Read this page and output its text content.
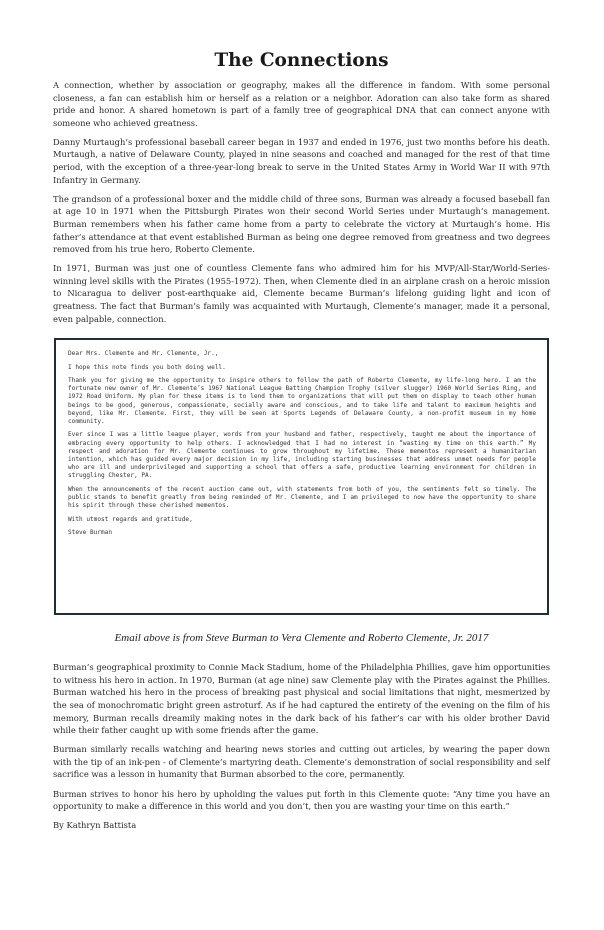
The Connections

A connection, whether by association or geography, makes all the difference in fandom. With some personal closeness, a fan can establish him or herself as a relation or a neighbor. Adoration can also take form as shared pride and honor. A shared hometown is part of a family tree of geographical DNA that can connect anyone with someone who achieved greatness.

Danny Murtaugh’s professional baseball career began in 1937 and ended in 1976, just two months before his death. Murtaugh, a native of Delaware County, played in nine seasons and coached and managed for the rest of that time period, with the exception of a three-year-long break to serve in the United States Army in World War II with 97th Infantry in Germany.

The grandson of a professional boxer and the middle child of three sons, Burman was already a focused baseball fan at age 10 in 1971 when the Pittsburgh Pirates won their second World Series under Murtaugh’s management. Burman remembers when his father came home from a party to celebrate the victory at Murtaugh’s home. His father’s attendance at that event established Burman as being one degree removed from greatness and two degrees removed from his true hero, Roberto Clemente.

In 1971, Burman was just one of countless Clemente fans who admired him for his MVP/All-Star/World-Series-winning level skills with the Pirates (1955-1972). Then, when Clemente died in an airplane crash on a heroic mission to Nicaragua to deliver post-earthquake aid, Clemente became Burman’s lifelong guiding light and icon of greatness. The fact that Burman’s family was acquainted with Murtaugh, Clemente’s manager, made it a personal, even palpable, connection.

Dear Mrs. Clemente and Mr. Clemente, Jr.,

I hope this note finds you both doing well.

Thank you for giving me the opportunity to inspire others to follow the path of Roberto Clemente, my life-long hero. I am the fortunate new owner of Mr. Clemente’s 1967 National League Batting Champion Trophy (silver slugger) 1960 World Series Ring, and 1972 Road Uniform. My plan for these items is to lend them to organizations that will put them on display to teach other human beings to be good, generous, compassionate, socially aware and conscious, and to take life and talent to maximum heights and beyond, like Mr. Clemente. First, they will be seen at Sports Legends of Delaware County, a non-profit museum in my home community.

Ever since I was a little league player, words from your husband and father, respectively, taught me about the importance of embracing every opportunity to help others. I acknowledged that I had no interest in “wasting my time on this earth.” My respect and adoration for Mr. Clemente continues to grow throughout my lifetime. These mementos represent a humanitarian intention, which has guided every major decision in my life, including starting businesses that address unmet needs for people who are ill and underprivileged and supporting a school that offers a safe, productive learning environment for children in struggling Chester, PA.

When the announcements of the recent auction came out, with statements from both of you, the sentiments felt so timely. The public stands to benefit greatly from being reminded of Mr. Clemente, and I am privileged to now have the opportunity to share his spirit through these cherished mementos.

With utmost regards and gratitude,

Steve Burman

Email above is from Steve Burman to Vera Clemente and Roberto Clemente, Jr. 2017

Burman’s geographical proximity to Connie Mack Stadium, home of the Philadelphia Phillies, gave him opportunities to witness his hero in action. In 1970, Burman (at age nine) saw Clemente play with the Pirates against the Phillies. Burman watched his hero in the process of breaking past physical and social limitations that night, mesmerized by the sea of monochromatic bright green astroturf. As if he had captured the entirety of the evening on the film of his memory, Burman recalls dreamily making notes in the dark back of his father’s car with his older brother David while their father caught up with some friends after the game.

Burman similarly recalls watching and hearing news stories and cutting out articles, by wearing the paper down with the tip of an ink-pen - of Clemente’s martyring death. Clemente’s demonstration of social responsibility and self sacrifice was a lesson in humanity that Burman absorbed to the core, permanently.

Burman strives to honor his hero by upholding the values put forth in this Clemente quote: “Any time you have an opportunity to make a difference in this world and you don’t, then you are wasting your time on this earth.”

By Kathryn Battista
